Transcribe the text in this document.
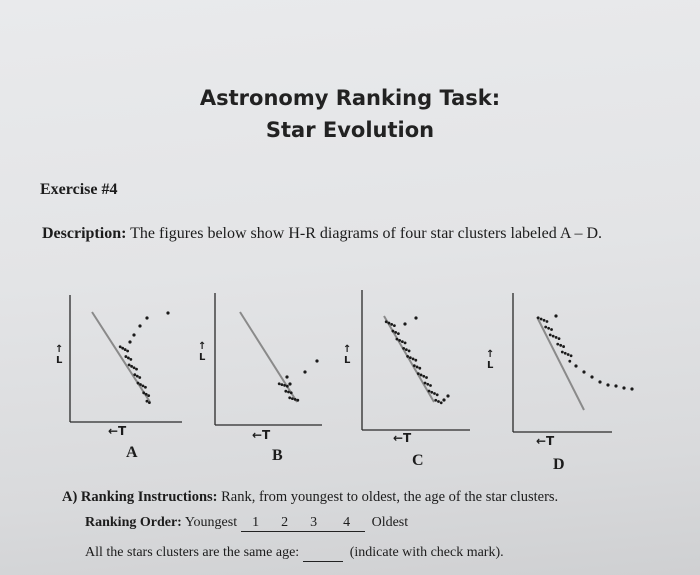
Astronomy Ranking Task:
Star Evolution
Exercise #4
Description: The figures below show H-R diagrams of four star clusters labeled A – D.
↑
L
←T
A
↑
L
←T
B
↑
L
←T
C
↑
L
←T
D
A) Ranking Instructions: Rank, from youngest to oldest, the age of the star clusters.
Ranking Order: Youngest 1 2 3 4 Oldest
All the stars clusters are the same age:	(indicate with check mark).
